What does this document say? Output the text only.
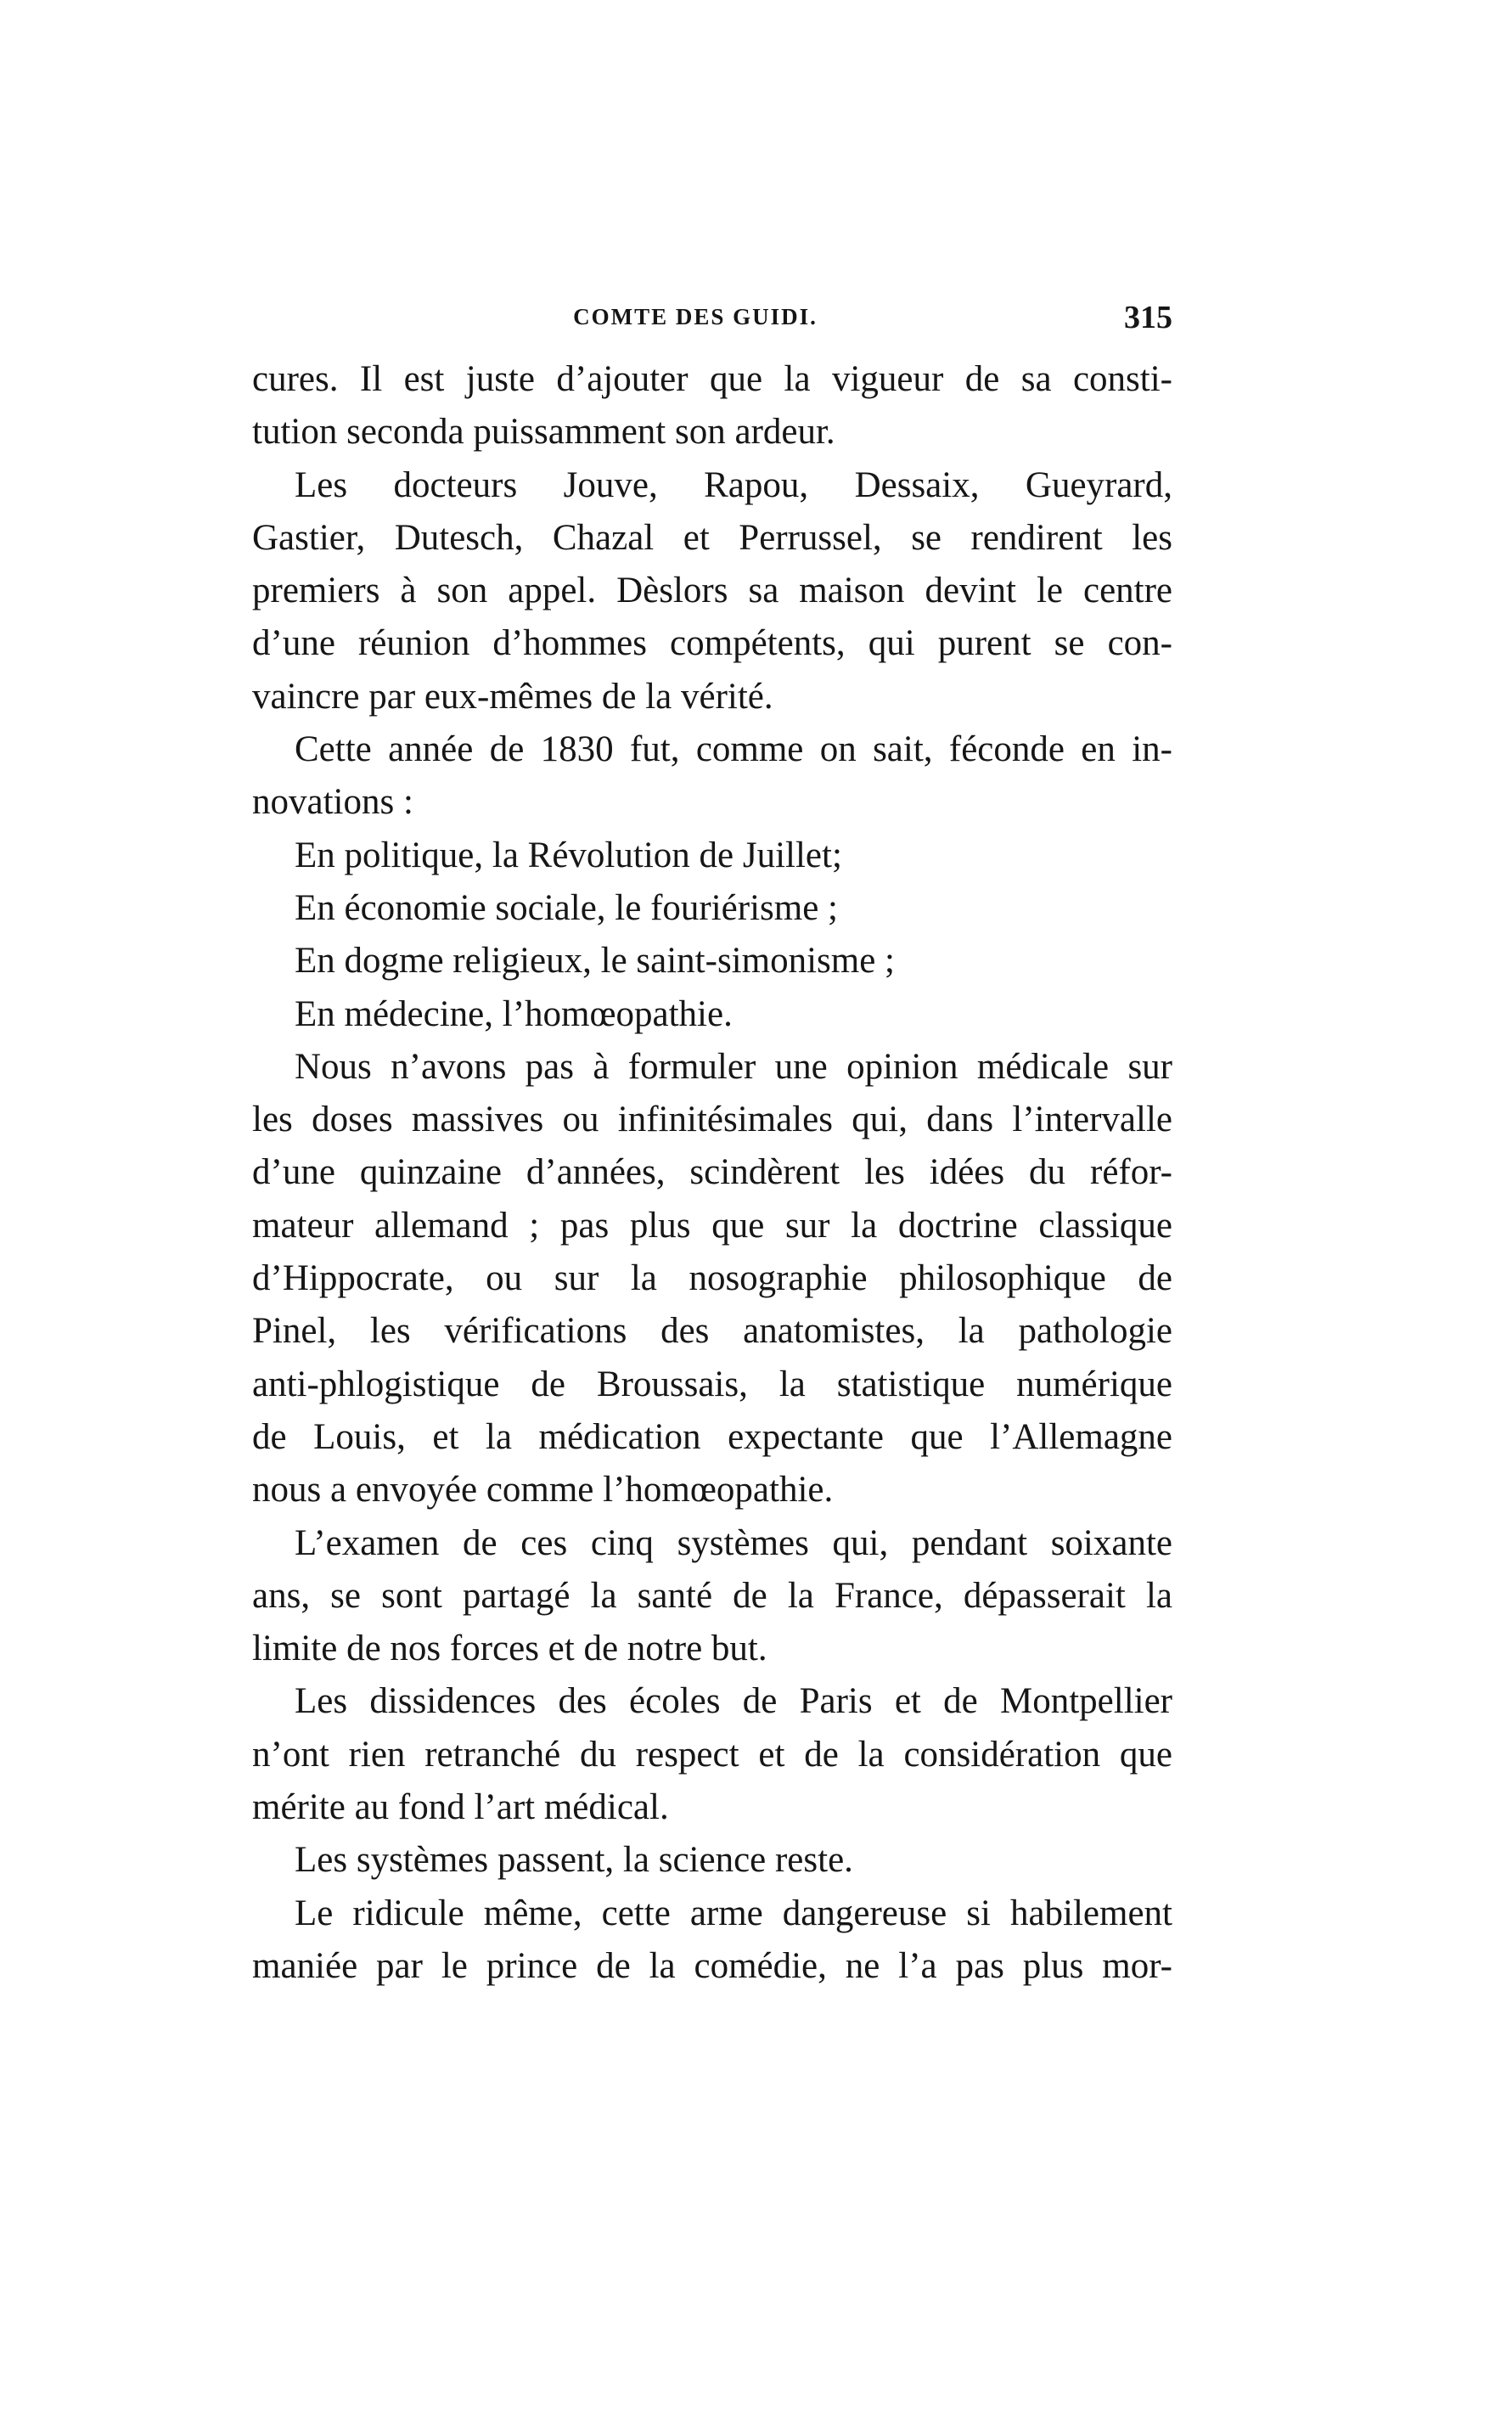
COMTE DES GUIDI.	315
cures. Il est juste d’ajouter que la vigueur de sa consti-
tution seconda puissamment son ardeur.
Les docteurs Jouve, Rapou, Dessaix, Gueyrard,
Gastier, Dutesch, Chazal et Perrussel, se rendirent les
premiers à son appel. Dèslors sa maison devint le centre
d’une réunion d’hommes compétents, qui purent se con-
vaincre par eux-mêmes de la vérité.
Cette année de 1830 fut, comme on sait, féconde en in-
novations :
En politique, la Révolution de Juillet;
En économie sociale, le fouriérisme ;
En dogme religieux, le saint-simonisme ;
En médecine, l’homœopathie.
Nous n’avons pas à formuler une opinion médicale sur
les doses massives ou infinitésimales qui, dans l’intervalle
d’une quinzaine d’années, scindèrent les idées du réfor-
mateur allemand ; pas plus que sur la doctrine classique
d’Hippocrate, ou sur la nosographie philosophique de
Pinel, les vérifications des anatomistes, la pathologie
anti-phlogistique de Broussais, la statistique numérique
de Louis, et la médication expectante que l’Allemagne
nous a envoyée comme l’homœopathie.
L’examen de ces cinq systèmes qui, pendant soixante
ans, se sont partagé la santé de la France, dépasserait la
limite de nos forces et de notre but.
Les dissidences des écoles de Paris et de Montpellier
n’ont rien retranché du respect et de la considération que
mérite au fond l’art médical.
Les systèmes passent, la science reste.
Le ridicule même, cette arme dangereuse si habilement
maniée par le prince de la comédie, ne l’a pas plus mor-
